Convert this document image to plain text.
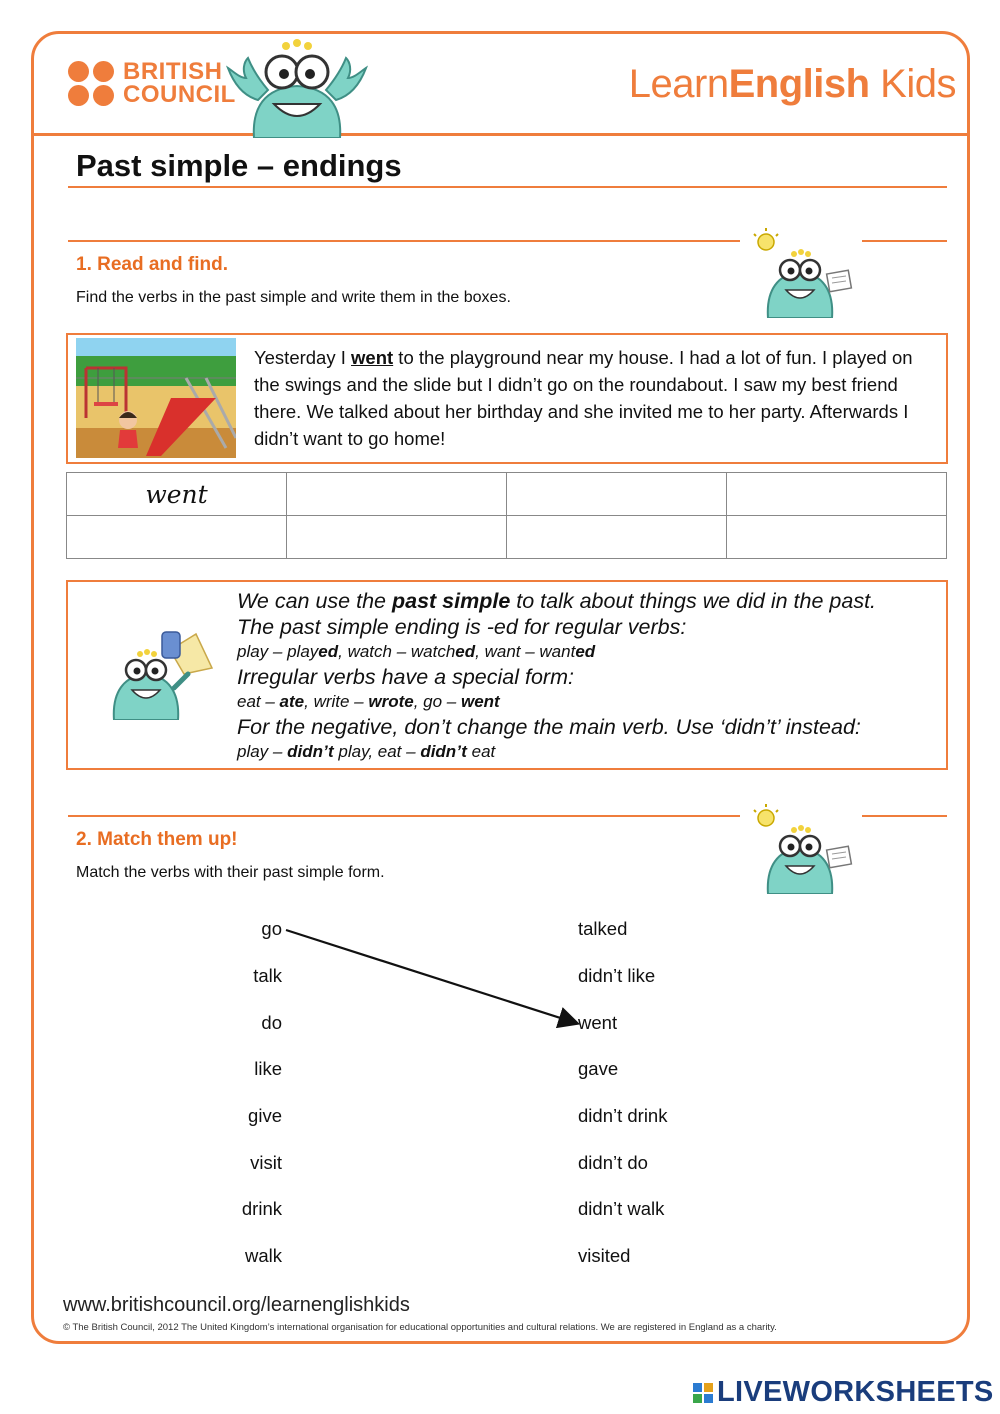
BRITISH
COUNCIL	LearnEnglish Kids
Past simple – endings
1. Read and find.

Find the verbs in the past simple and write them in the boxes.

Yesterday I went to the playground near my house. I had a lot of fun. I played on the swings and the slide but I didn’t go on the roundabout. I saw my best friend there. We talked about her birthday and she invited me to her party. Afterwards I didn’t want to go home!

went			

We can use the past simple to talk about things we did in the past.
The past simple ending is -ed for regular verbs:
play – played, watch – watched, want – wanted
Irregular verbs have a special form:
eat – ate, write – wrote, go – went
For the negative, don’t change the main verb. Use ‘didn’t’ instead:
play – didn’t play, eat – didn’t eat
2. Match them up!

Match the verbs with their past simple form.

go
talk
do
like
give
visit
drink
walk
talked
didn’t like
went
gave
didn’t drink
didn’t do
didn’t walk
visited
www.britishcouncil.org/learnenglishkids
© The British Council, 2012 The United Kingdom’s international organisation for educational opportunities and cultural relations. We are registered in England as a charity.
LIVEWORKSHEETS
